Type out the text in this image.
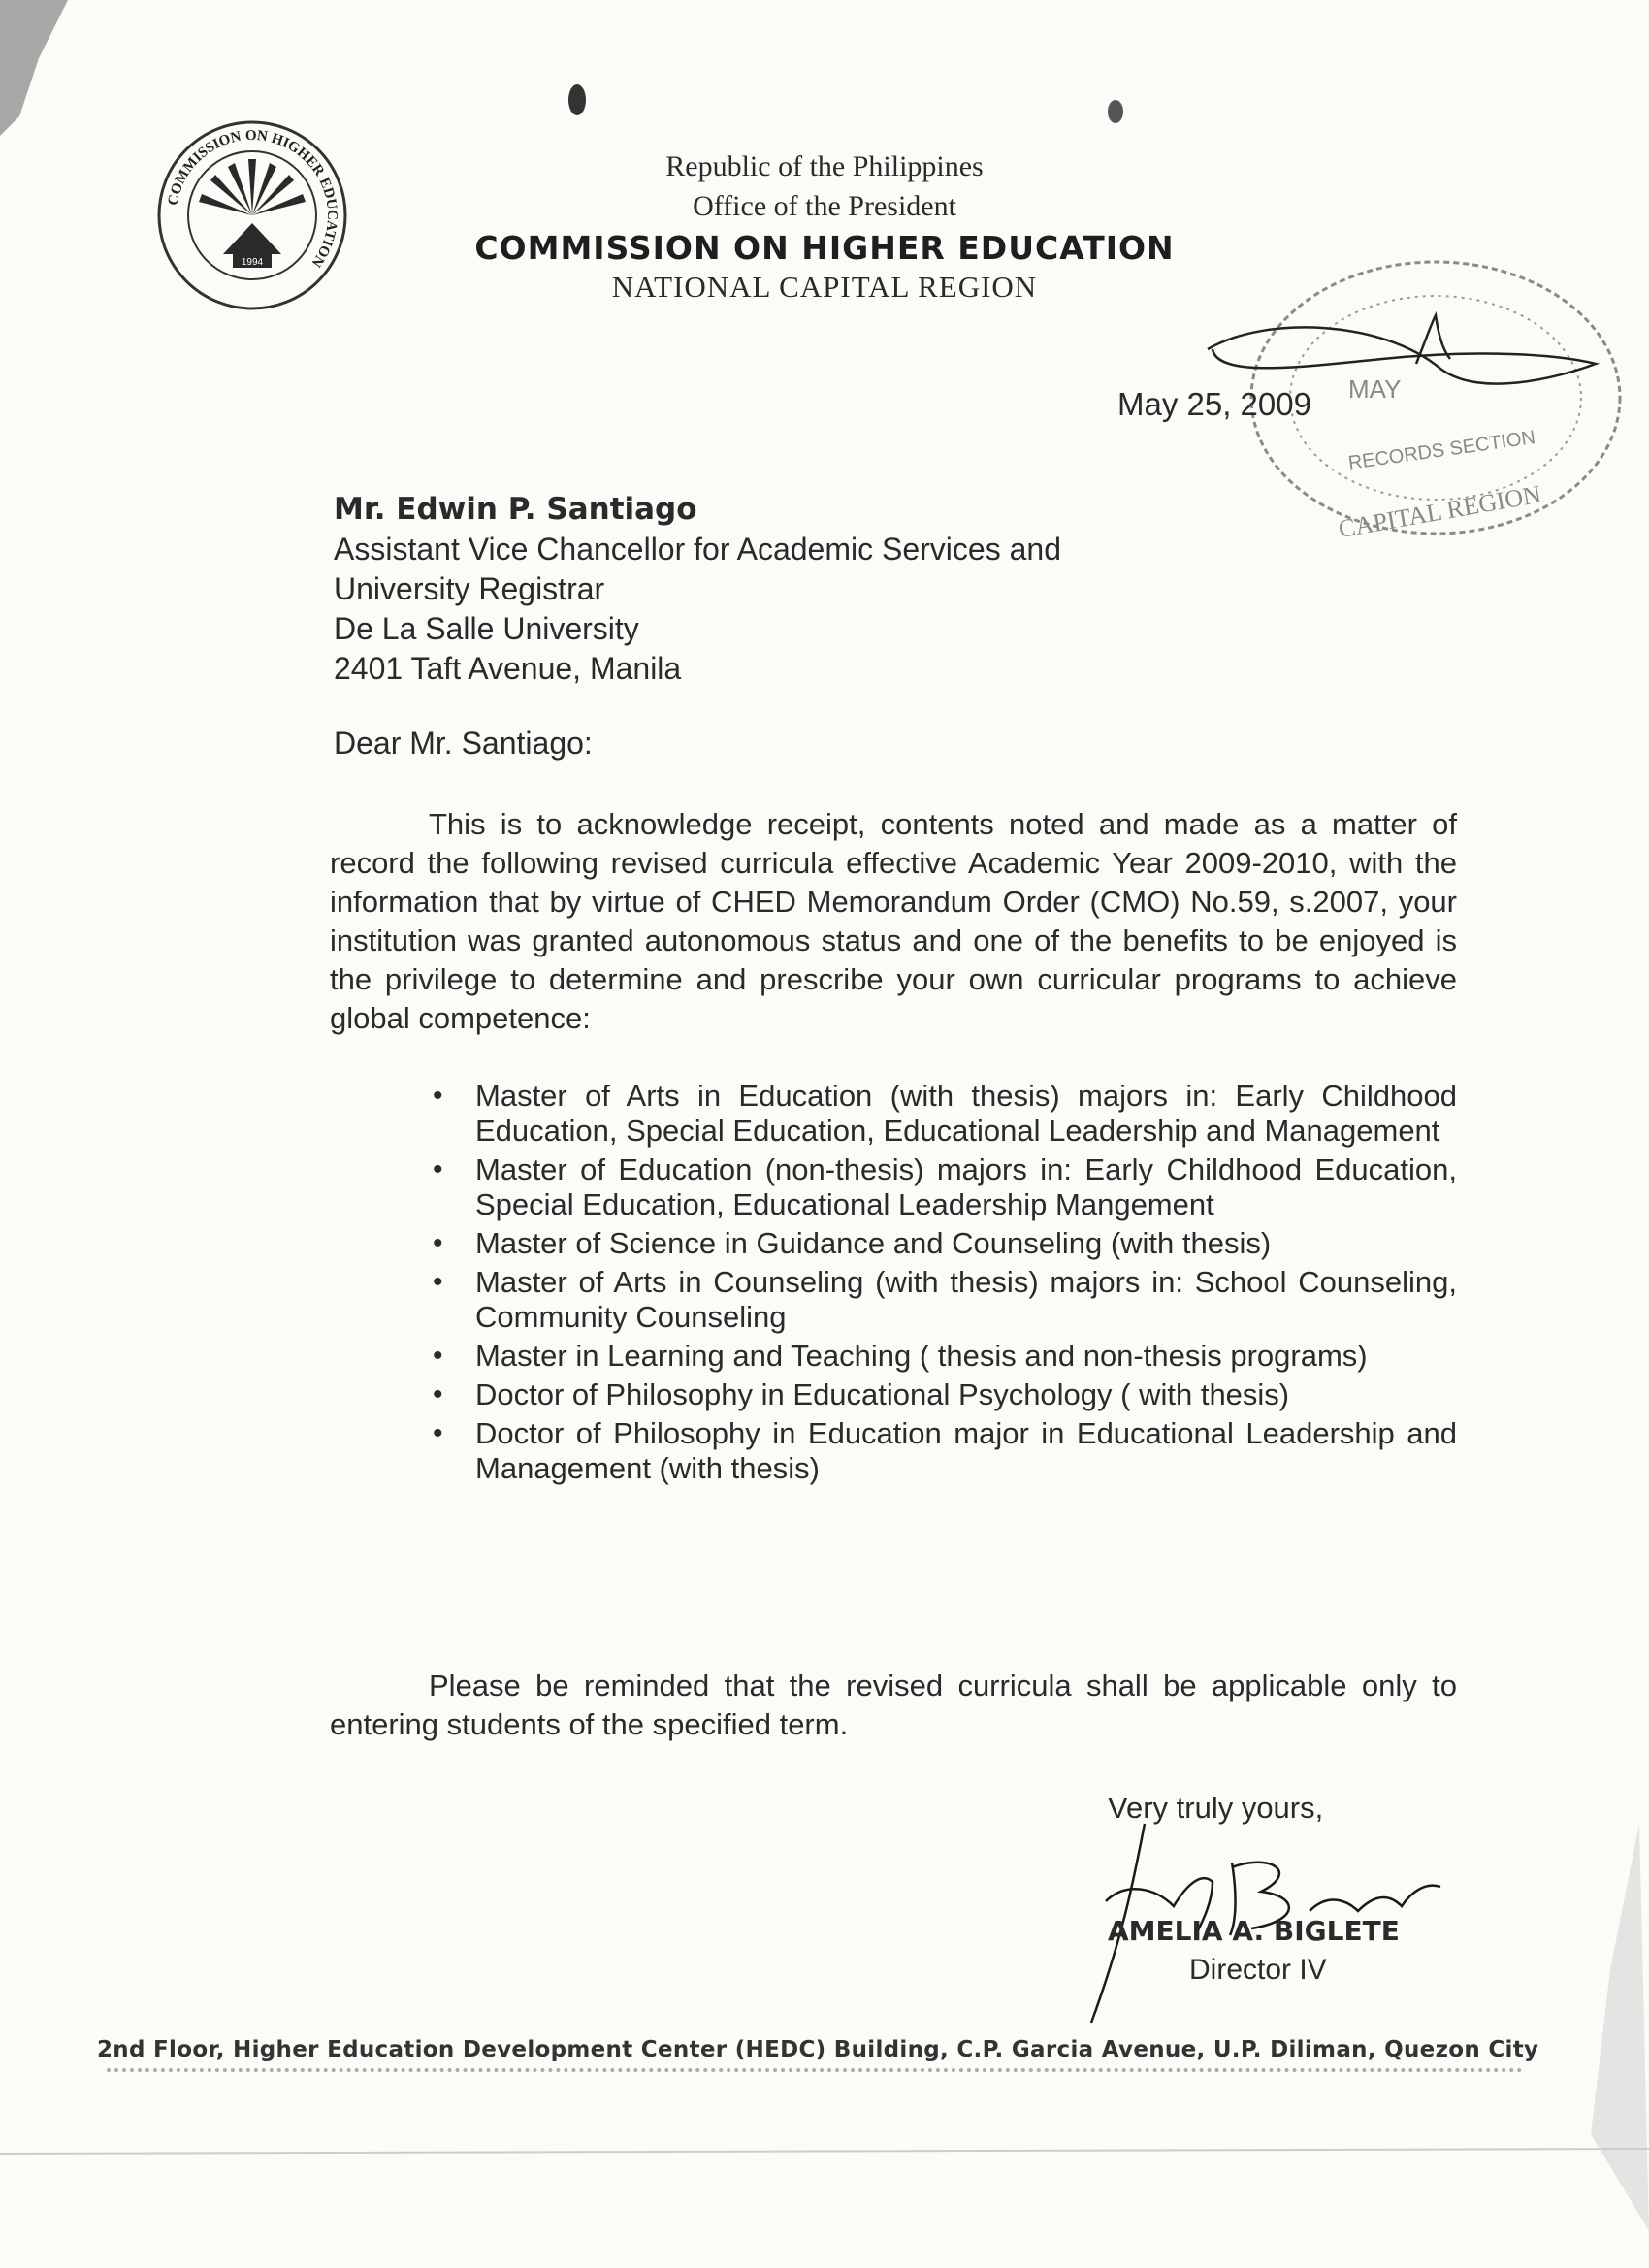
COMMISSION ON HIGHER EDUCATION
1994

Republic of the Philippines

Office of the President

COMMISSION ON HIGHER EDUCATION

NATIONAL CAPITAL REGION

MAY
RECORDS SECTION
CAPITAL REGION
May 25, 2009
Mr. Edwin P. Santiago
Assistant Vice Chancellor for Academic Services and
University Registrar
De La Salle University
2401 Taft Avenue, Manila
Dear Mr. Santiago:

This is to acknowledge receipt, contents noted and made as a matter of record the following revised curricula effective Academic Year 2009-2010, with the information that by virtue of CHED Memorandum Order (CMO) No.59, s.2007, your institution was granted autonomous status and one of the benefits to be enjoyed is the privilege to determine and prescribe your own curricular programs to achieve global competence:

• Master of Arts in Education (with thesis) majors in: Early Childhood Education, Special Education, Educational Leadership and Management
• Master of Education (non-thesis) majors in: Early Childhood Education, Special Education, Educational Leadership Mangement
• Master of Science in Guidance and Counseling (with thesis)
• Master of Arts in Counseling (with thesis) majors in: School Counseling, Community Counseling
• Master in Learning and Teaching ( thesis and non-thesis programs)
• Doctor of Philosophy in Educational Psychology ( with thesis)
• Doctor of Philosophy in Education major in Educational Leadership and Management (with thesis)

Please be reminded that the revised curricula shall be applicable only to entering students of the specified term.

Very truly yours,
AMELIA A. BIGLETE
Director IV
2nd Floor, Higher Education Development Center (HEDC) Building, C.P. Garcia Avenue, U.P. Diliman, Quezon City
